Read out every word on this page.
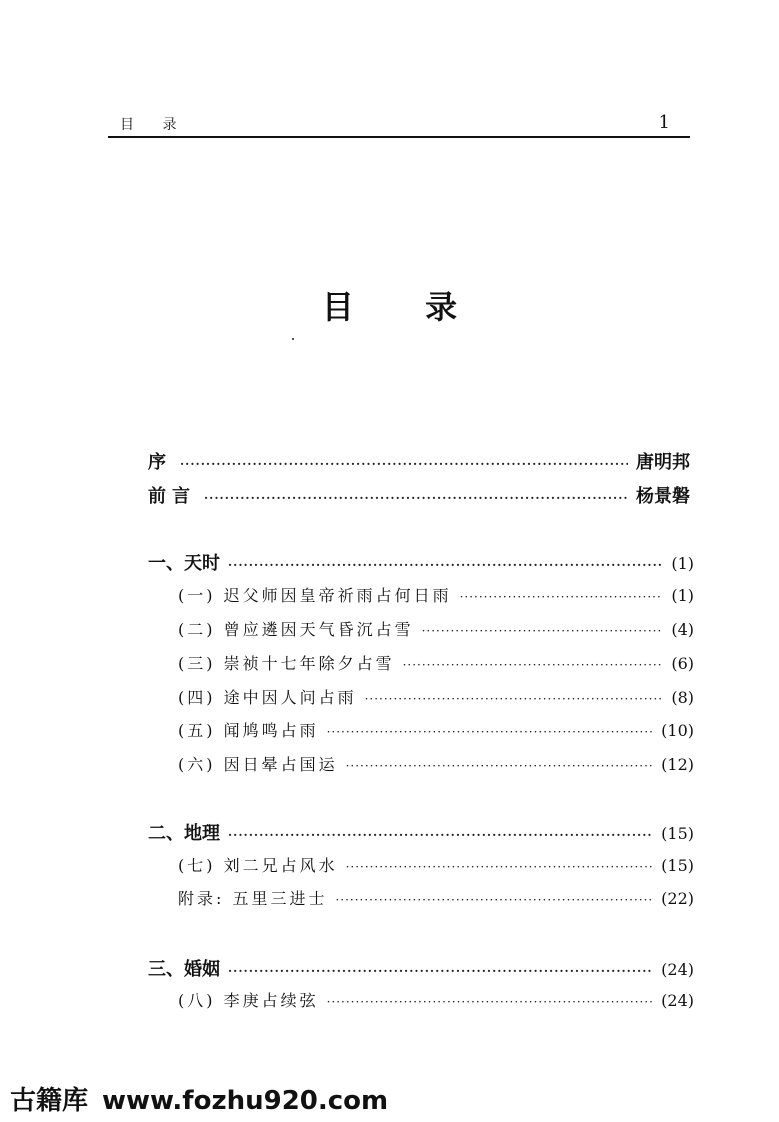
目 录	1
目 录
序 ·····	唐明邦
前言 ·····	杨景磐
一、天时 ·····	(1)
(一) 迟父师因皇帝祈雨占何日雨 ·····	(1)
(二) 曾应遴因天气昏沉占雪 ·····	(4)
(三) 崇祯十七年除夕占雪 ·····	(6)
(四) 途中因人问占雨 ·····	(8)
(五) 闻鸠鸣占雨 ·····	(10)
(六) 因日晕占国运 ·····	(12)
二、地理 ·····	(15)
(七) 刘二兄占风水 ·····	(15)
附录: 五里三进士 ·····	(22)
三、婚姻 ·····	(24)
(八) 李庚占续弦 ·····	(24)
古籍库 www.fozhu920.com
